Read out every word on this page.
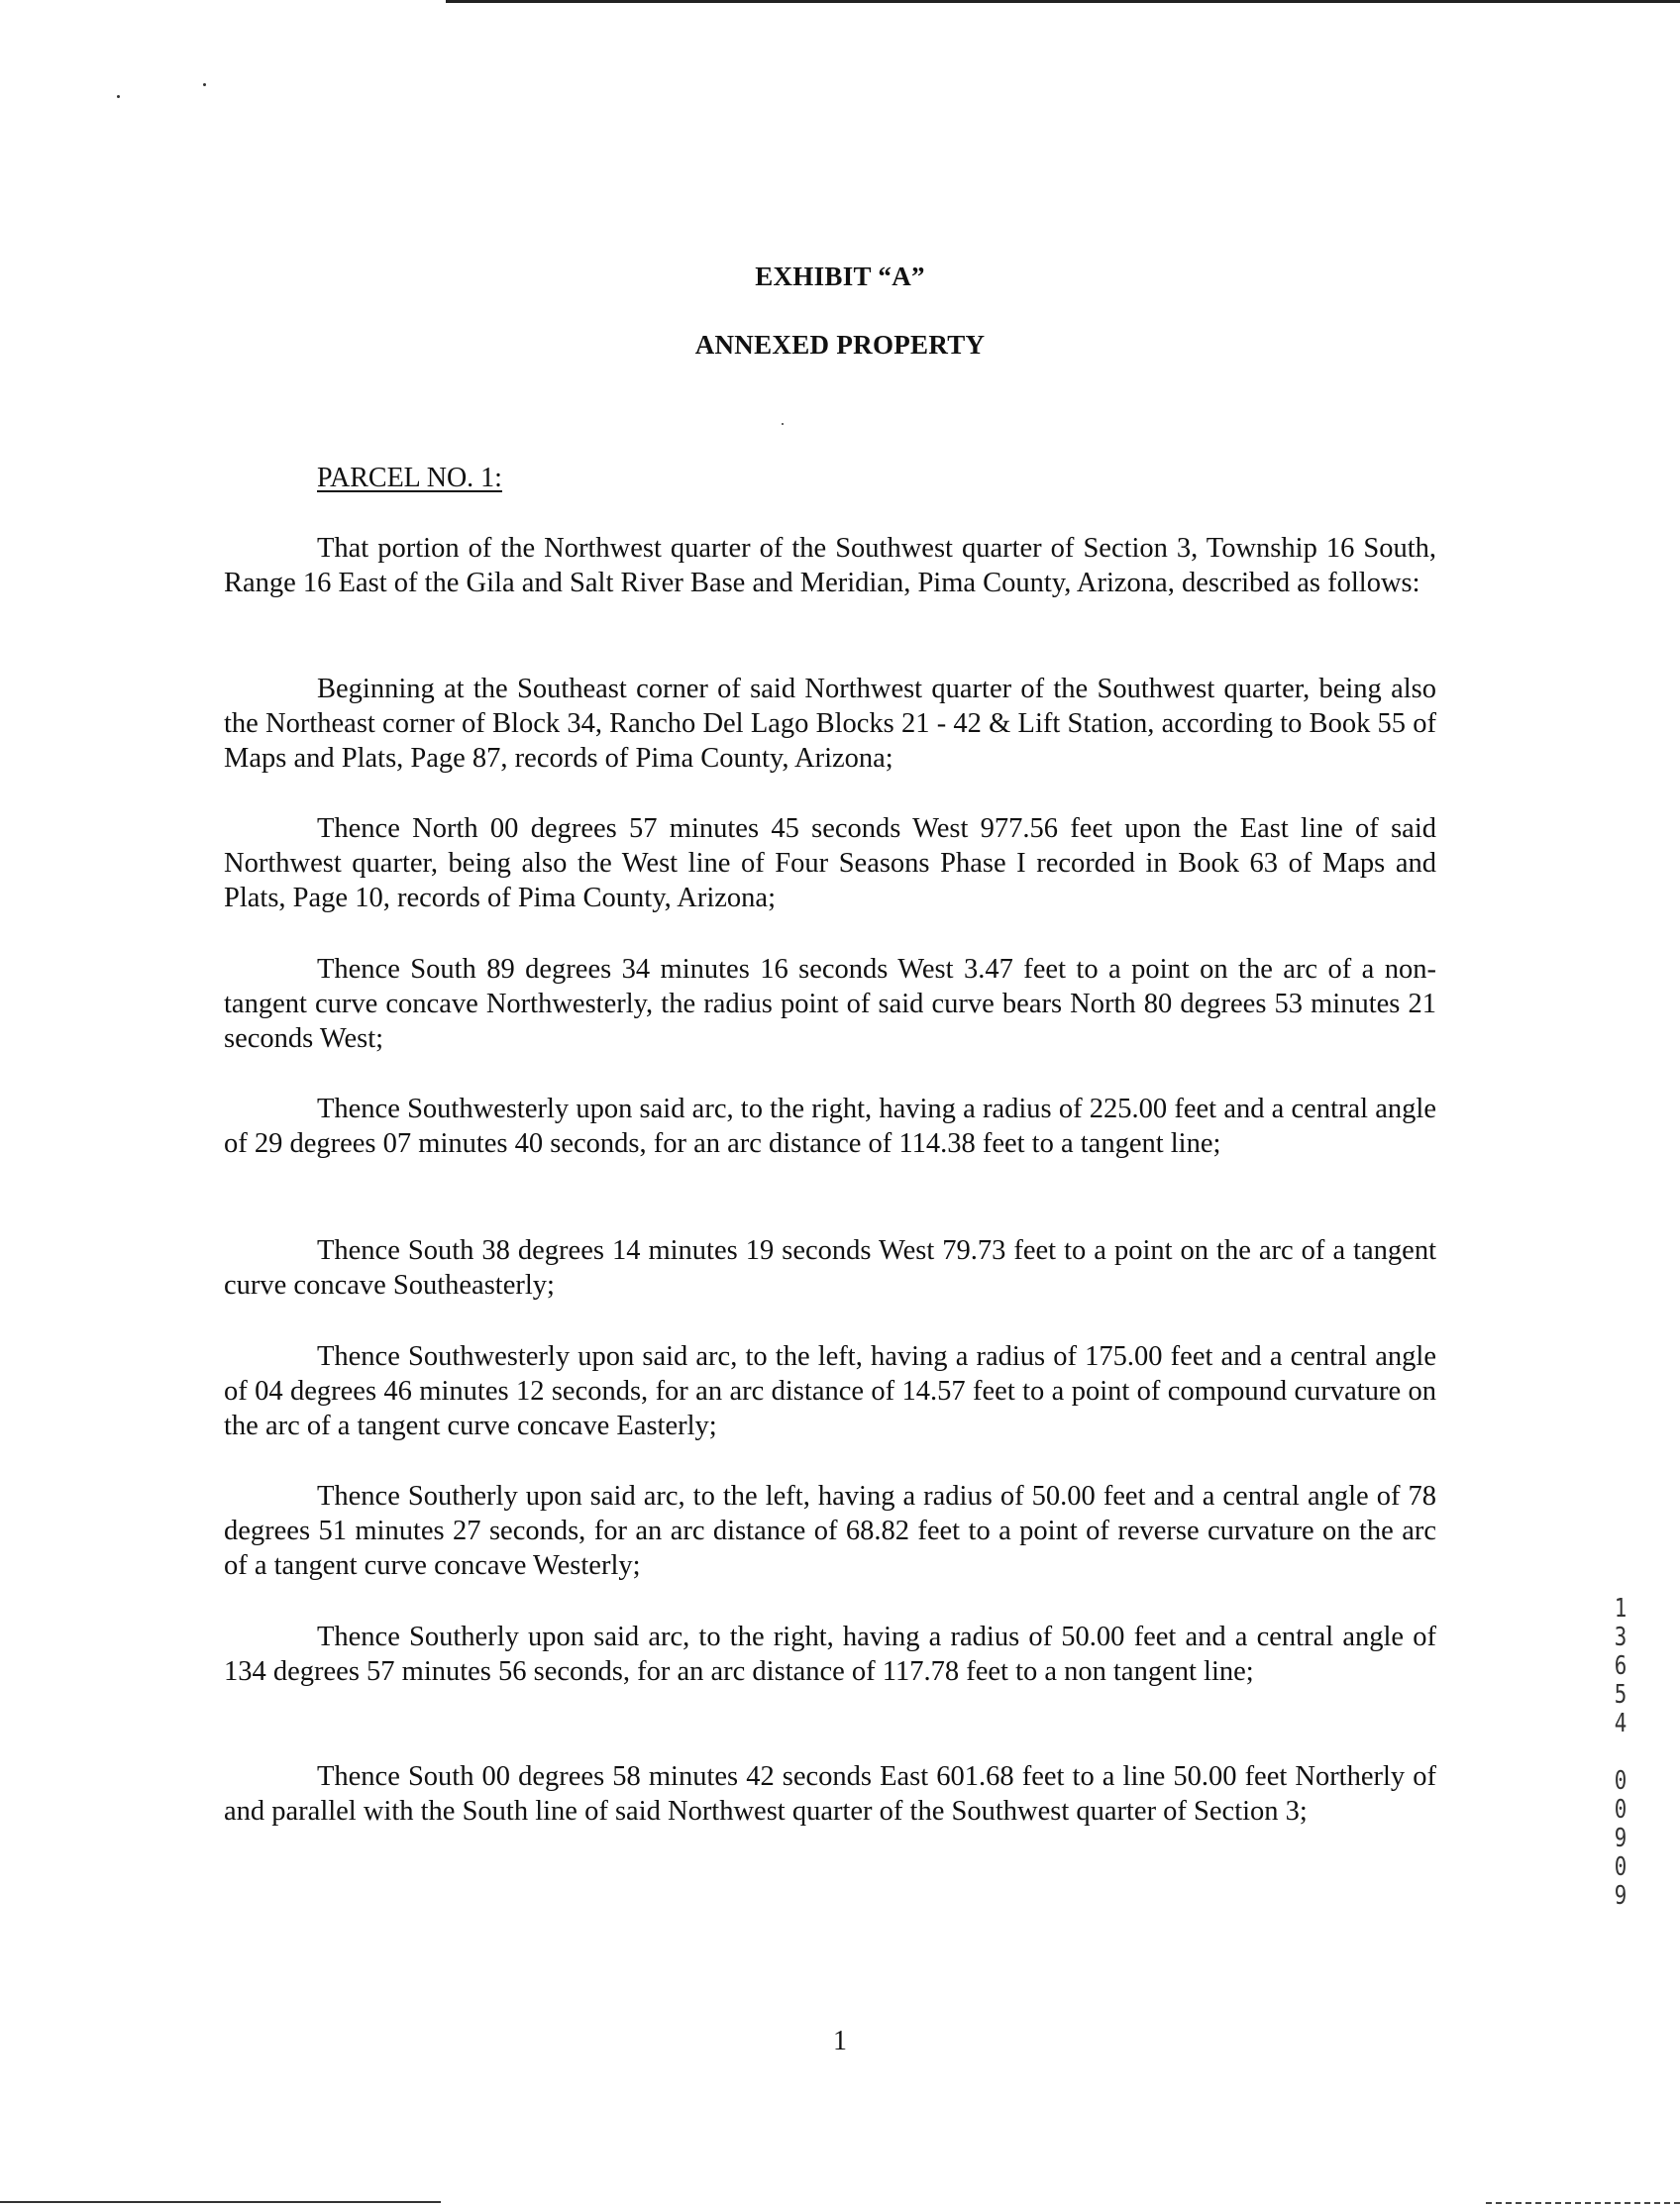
EXHIBIT “A”
ANNEXED PROPERTY
PARCEL NO. 1:

That portion of the Northwest quarter of the Southwest quarter of Section 3, Township 16 South, Range 16 East of the Gila and Salt River Base and Meridian, Pima County, Arizona, described as follows:

Beginning at the Southeast corner of said Northwest quarter of the Southwest quarter, being also the Northeast corner of Block 34, Rancho Del Lago Blocks 21 - 42 & Lift Station, according to Book 55 of Maps and Plats, Page 87, records of Pima County, Arizona;

Thence North 00 degrees 57 minutes 45 seconds West 977.56 feet upon the East line of said Northwest quarter, being also the West line of Four Seasons Phase I recorded in Book 63 of Maps and Plats, Page 10, records of Pima County, Arizona;

Thence South 89 degrees 34 minutes 16 seconds West 3.47 feet to a point on the arc of a non-tangent curve concave Northwesterly, the radius point of said curve bears North 80 degrees 53 minutes 21 seconds West;

Thence Southwesterly upon said arc, to the right, having a radius of 225.00 feet and a central angle of 29 degrees 07 minutes 40 seconds, for an arc distance of 114.38 feet to a tangent line;

Thence South 38 degrees 14 minutes 19 seconds West 79.73 feet to a point on the arc of a tangent curve concave Southeasterly;

Thence Southwesterly upon said arc, to the left, having a radius of 175.00 feet and a central angle of 04 degrees 46 minutes 12 seconds, for an arc distance of 14.57 feet to a point of compound curvature on the arc of a tangent curve concave Easterly;

Thence Southerly upon said arc, to the left, having a radius of 50.00 feet and a central angle of 78 degrees 51 minutes 27 seconds, for an arc distance of 68.82 feet to a point of reverse curvature on the arc of a tangent curve concave Westerly;

Thence Southerly upon said arc, to the right, having a radius of 50.00 feet and a central angle of 134 degrees 57 minutes 56 seconds, for an arc distance of 117.78 feet to a non tangent line;

Thence South 00 degrees 58 minutes 42 seconds East 601.68 feet to a line 50.00 feet Northerly of and parallel with the South line of said Northwest quarter of the Southwest quarter of Section 3;

1
3
6
5
4

0
0
9
0
9
1
